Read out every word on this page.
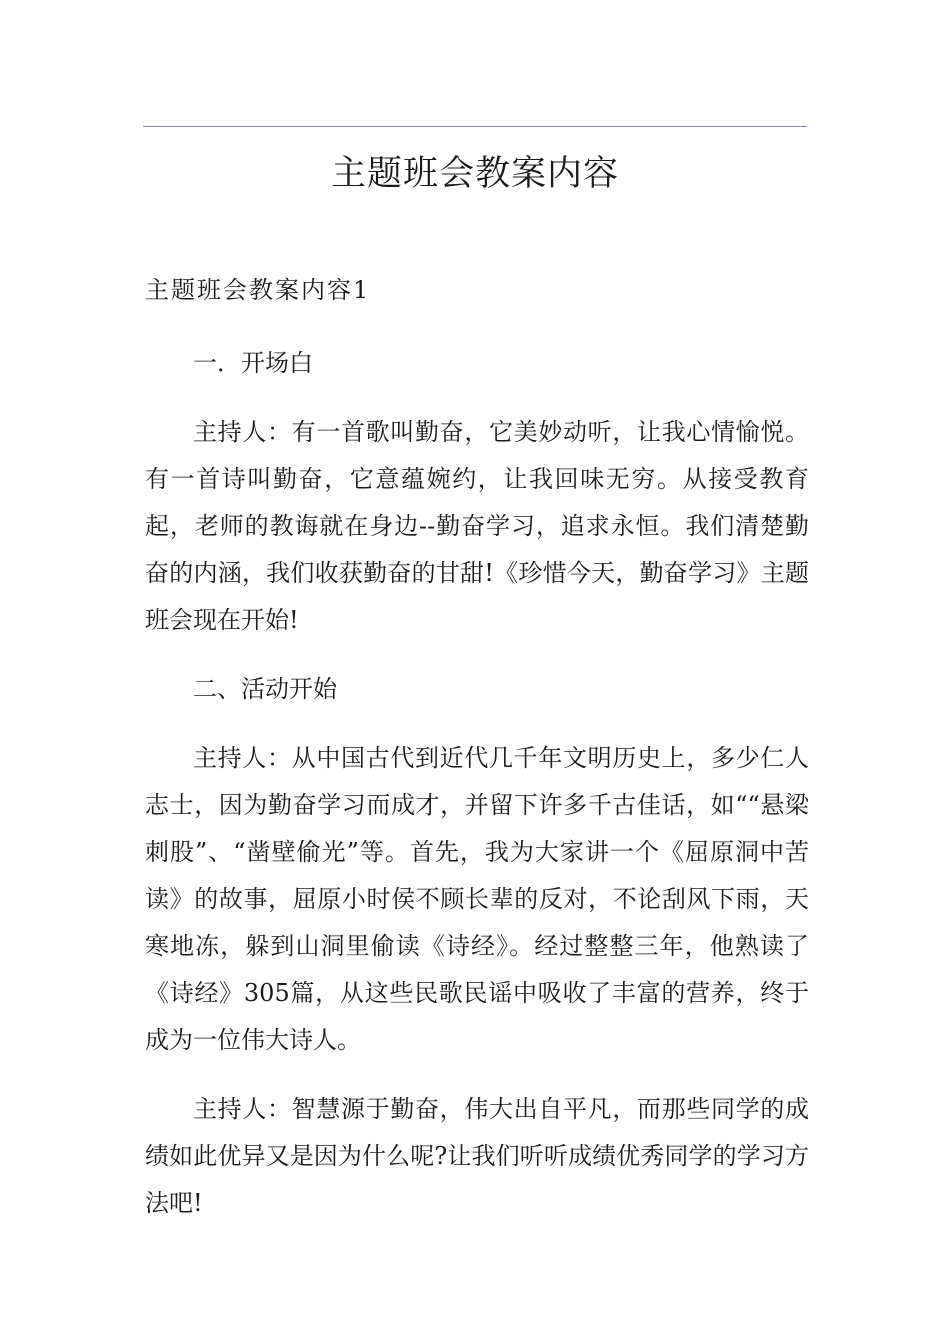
主题班会教案内容
主题班会教案内容1

一．开场白

主持人：有一首歌叫勤奋，它美妙动听，让我心情愉悦。有一首诗叫勤奋，它意蕴婉约，让我回味无穷。从接受教育起，老师的教诲就在身边--勤奋学习，追求永恒。我们清楚勤奋的内涵，我们收获勤奋的甘甜!《珍惜今天，勤奋学习》主题班会现在开始!

二、活动开始

主持人：从中国古代到近代几千年文明历史上，多少仁人志士，因为勤奋学习而成才，并留下许多千古佳话，如““悬梁刺股”、“凿壁偷光”等。首先，我为大家讲一个《屈原洞中苦读》的故事，屈原小时侯不顾长辈的反对，不论刮风下雨，天寒地冻，躲到山洞里偷读《诗经》。经过整整三年，他熟读了《诗经》305篇，从这些民歌民谣中吸收了丰富的营养，终于成为一位伟大诗人。

主持人：智慧源于勤奋，伟大出自平凡，而那些同学的成绩如此优异又是因为什么呢?让我们听听成绩优秀同学的学习方法吧!
